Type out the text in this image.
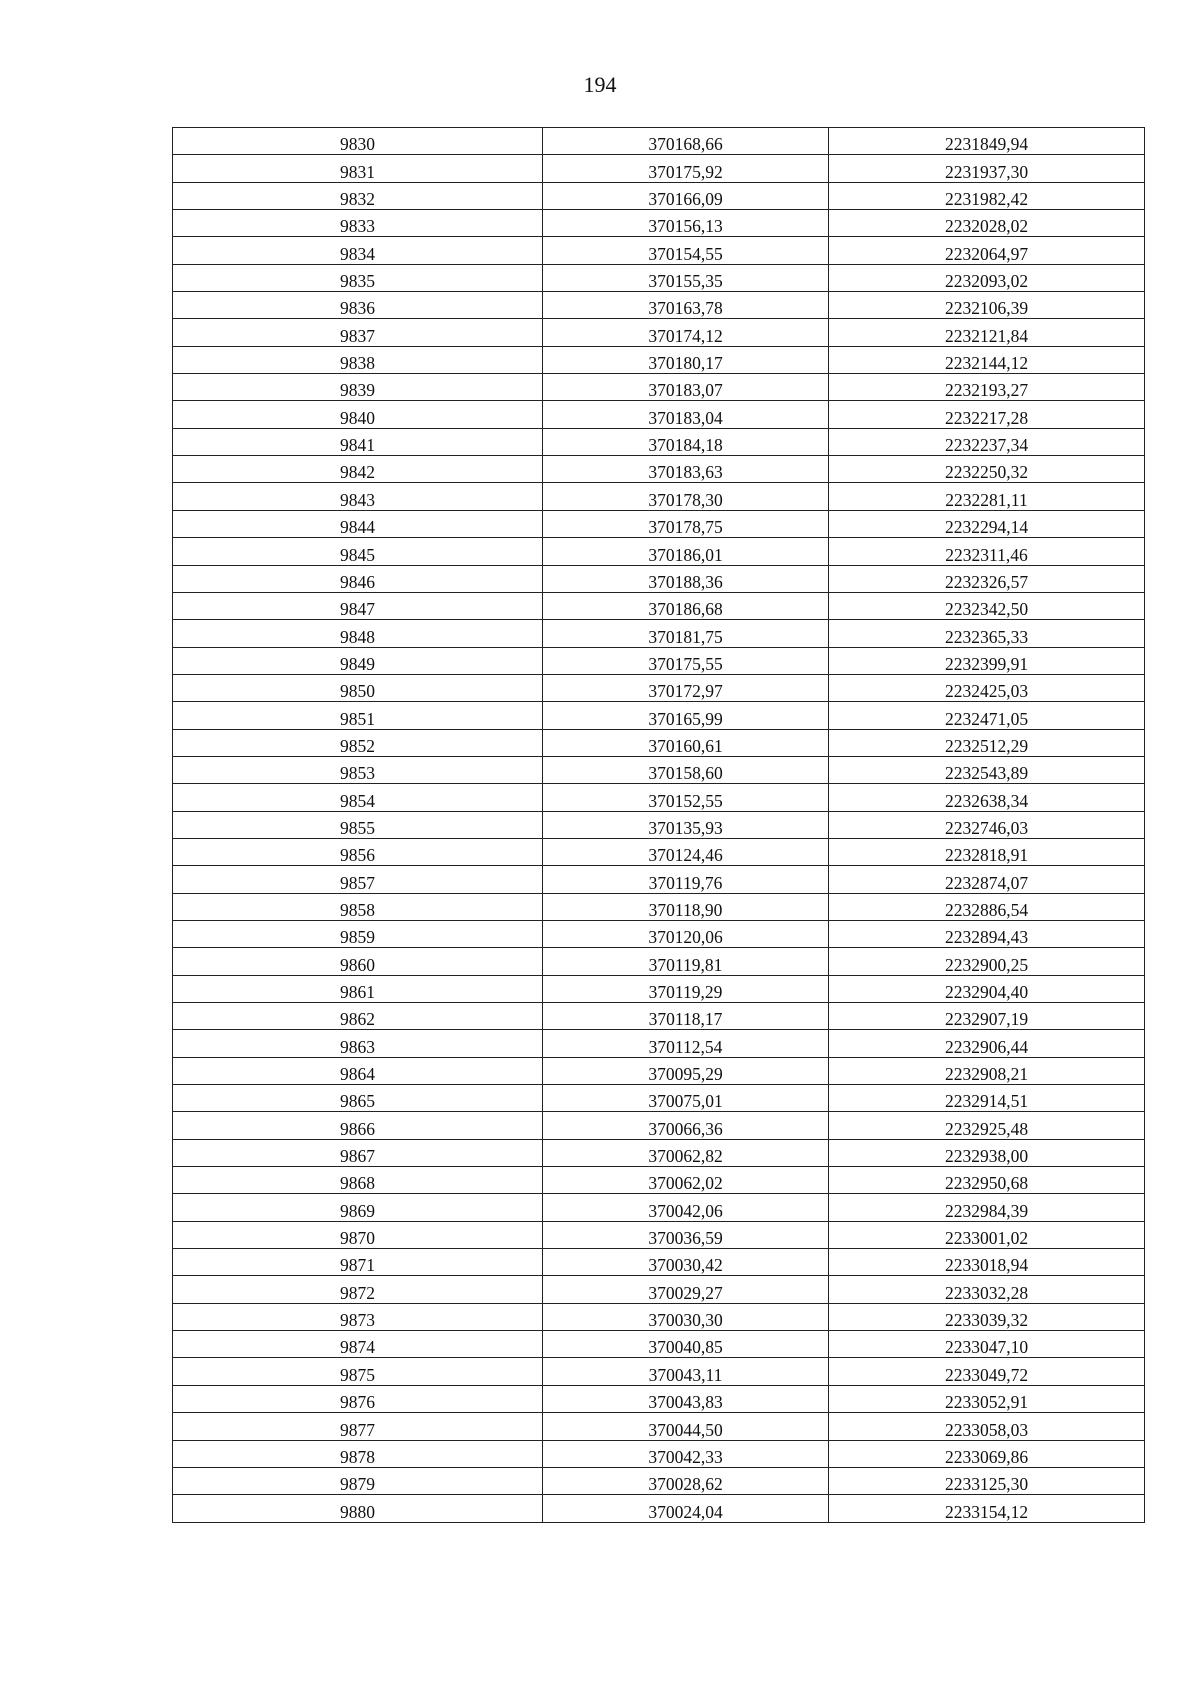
194
9830	370168,66	2231849,94
9831	370175,92	2231937,30
9832	370166,09	2231982,42
9833	370156,13	2232028,02
9834	370154,55	2232064,97
9835	370155,35	2232093,02
9836	370163,78	2232106,39
9837	370174,12	2232121,84
9838	370180,17	2232144,12
9839	370183,07	2232193,27
9840	370183,04	2232217,28
9841	370184,18	2232237,34
9842	370183,63	2232250,32
9843	370178,30	2232281,11
9844	370178,75	2232294,14
9845	370186,01	2232311,46
9846	370188,36	2232326,57
9847	370186,68	2232342,50
9848	370181,75	2232365,33
9849	370175,55	2232399,91
9850	370172,97	2232425,03
9851	370165,99	2232471,05
9852	370160,61	2232512,29
9853	370158,60	2232543,89
9854	370152,55	2232638,34
9855	370135,93	2232746,03
9856	370124,46	2232818,91
9857	370119,76	2232874,07
9858	370118,90	2232886,54
9859	370120,06	2232894,43
9860	370119,81	2232900,25
9861	370119,29	2232904,40
9862	370118,17	2232907,19
9863	370112,54	2232906,44
9864	370095,29	2232908,21
9865	370075,01	2232914,51
9866	370066,36	2232925,48
9867	370062,82	2232938,00
9868	370062,02	2232950,68
9869	370042,06	2232984,39
9870	370036,59	2233001,02
9871	370030,42	2233018,94
9872	370029,27	2233032,28
9873	370030,30	2233039,32
9874	370040,85	2233047,10
9875	370043,11	2233049,72
9876	370043,83	2233052,91
9877	370044,50	2233058,03
9878	370042,33	2233069,86
9879	370028,62	2233125,30
9880	370024,04	2233154,12
